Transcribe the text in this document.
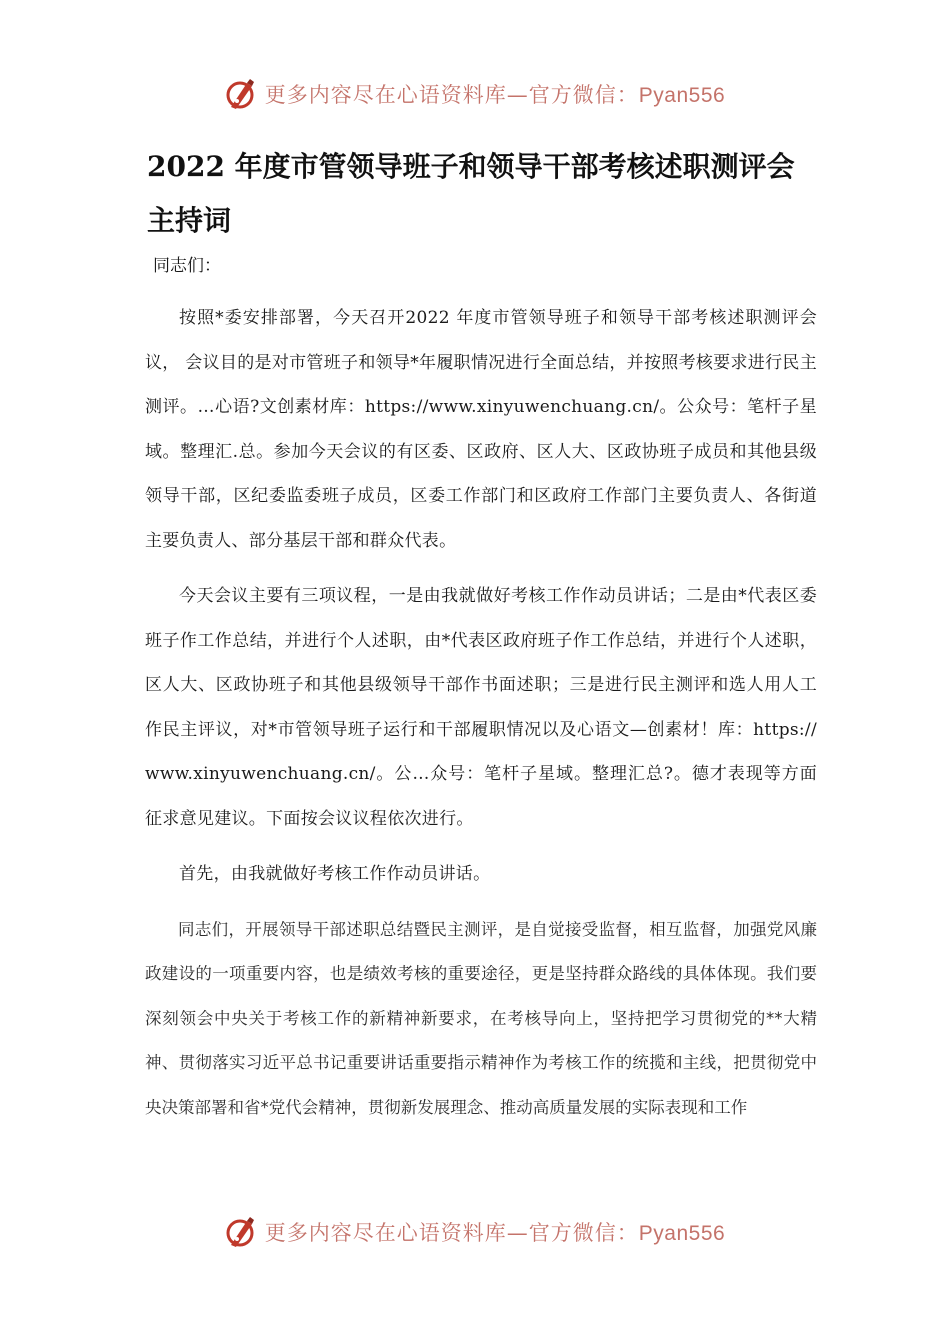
更多内容尽在心语资料库—官方微信：Pyan556
2022 年度市管领导班子和领导干部考核述职测评会主持词

同志们：

按照*委安排部署，今天召开2022 年度市管领导班子和领导干部考核述职测评会议， 会议目的是对市管班子和领导*年履职情况进行全面总结，并按照考核要求进行民主测评。…心语?文创素材库：https://www.xinyuwenchuang.cn/。公众号：笔杆子星域。整理汇.总。参加今天会议的有区委、区政府、区人大、区政协班子成员和其他县级领导干部，区纪委监委班子成员，区委工作部门和区政府工作部门主要负责人、各街道主要负责人、部分基层干部和群众代表。

今天会议主要有三项议程，一是由我就做好考核工作作动员讲话；二是由*代表区委班子作工作总结，并进行个人述职，由*代表区政府班子作工作总结，并进行个人述职，区人大、区政协班子和其他县级领导干部作书面述职；三是进行民主测评和选人用人工作民主评议，对*市管领导班子运行和干部履职情况以及心语文—创素材！库：https://www.xinyuwenchuang.cn/。公…众号：笔杆子星域。整理汇总?。德才表现等方面征求意见建议。下面按会议议程依次进行。

首先，由我就做好考核工作作动员讲话。

同志们，开展领导干部述职总结暨民主测评，是自觉接受监督，相互监督，加强党风廉政建设的一项重要内容，也是绩效考核的重要途径，更是坚持群众路线的具体体现。我们要深刻领会中央关于考核工作的新精神新要求，在考核导向上，坚持把学习贯彻党的**大精神、贯彻落实习近平总书记重要讲话重要指示精神作为考核工作的统揽和主线，把贯彻党中央决策部署和省*党代会精神，贯彻新发展理念、推动高质量发展的实际表现和工作

更多内容尽在心语资料库—官方微信：Pyan556
